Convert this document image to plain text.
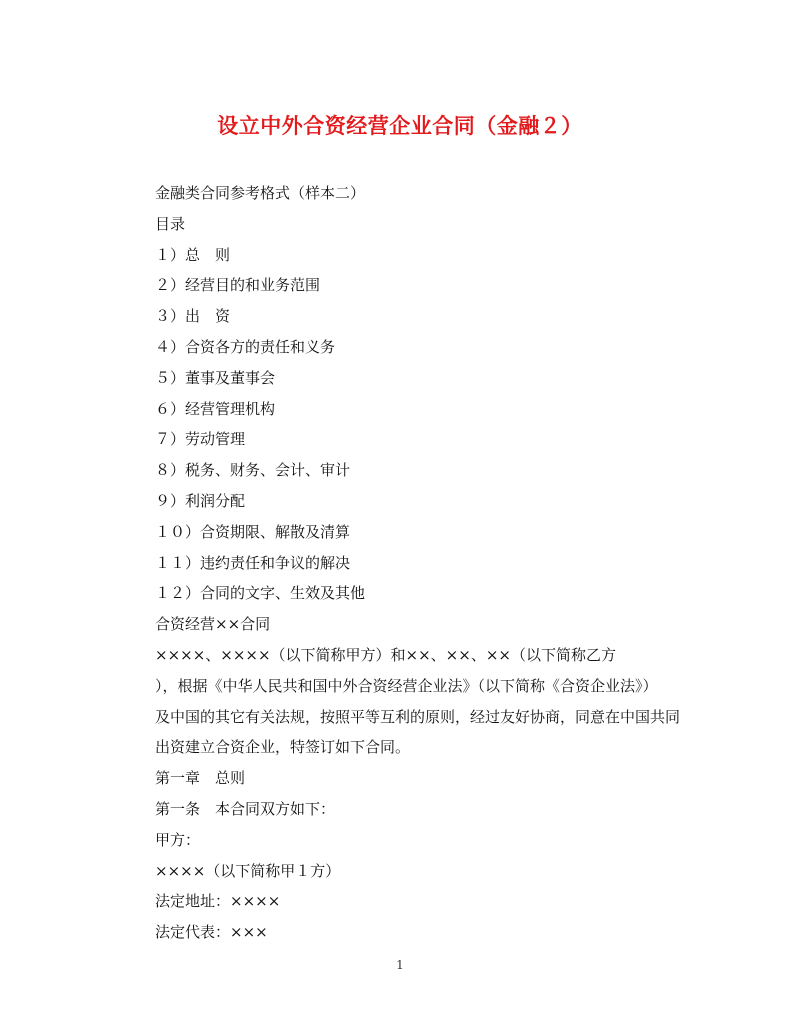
设立中外合资经营企业合同（金融２）
金融类合同参考格式（样本二）
目录
１）总　则
２）经营目的和业务范围
３）出　资
４）合资各方的责任和义务
５）董事及董事会
６）经营管理机构
７）劳动管理
８）税务、财务、会计、审计
９）利润分配
１０）合资期限、解散及清算
１１）违约责任和争议的解决
１２）合同的文字、生效及其他
合资经营××合同
××××、××××（以下简称甲方）和××、××、××（以下简称乙方
），根据《中华人民共和国中外合资经营企业法》（以下简称《合资企业法》）
及中国的其它有关法规，按照平等互利的原则，经过友好协商，同意在中国共同
出资建立合资企业，特签订如下合同。
第一章　总则
第一条　本合同双方如下：
甲方：
××××（以下简称甲１方）
法定地址：××××
法定代表：×××
1
